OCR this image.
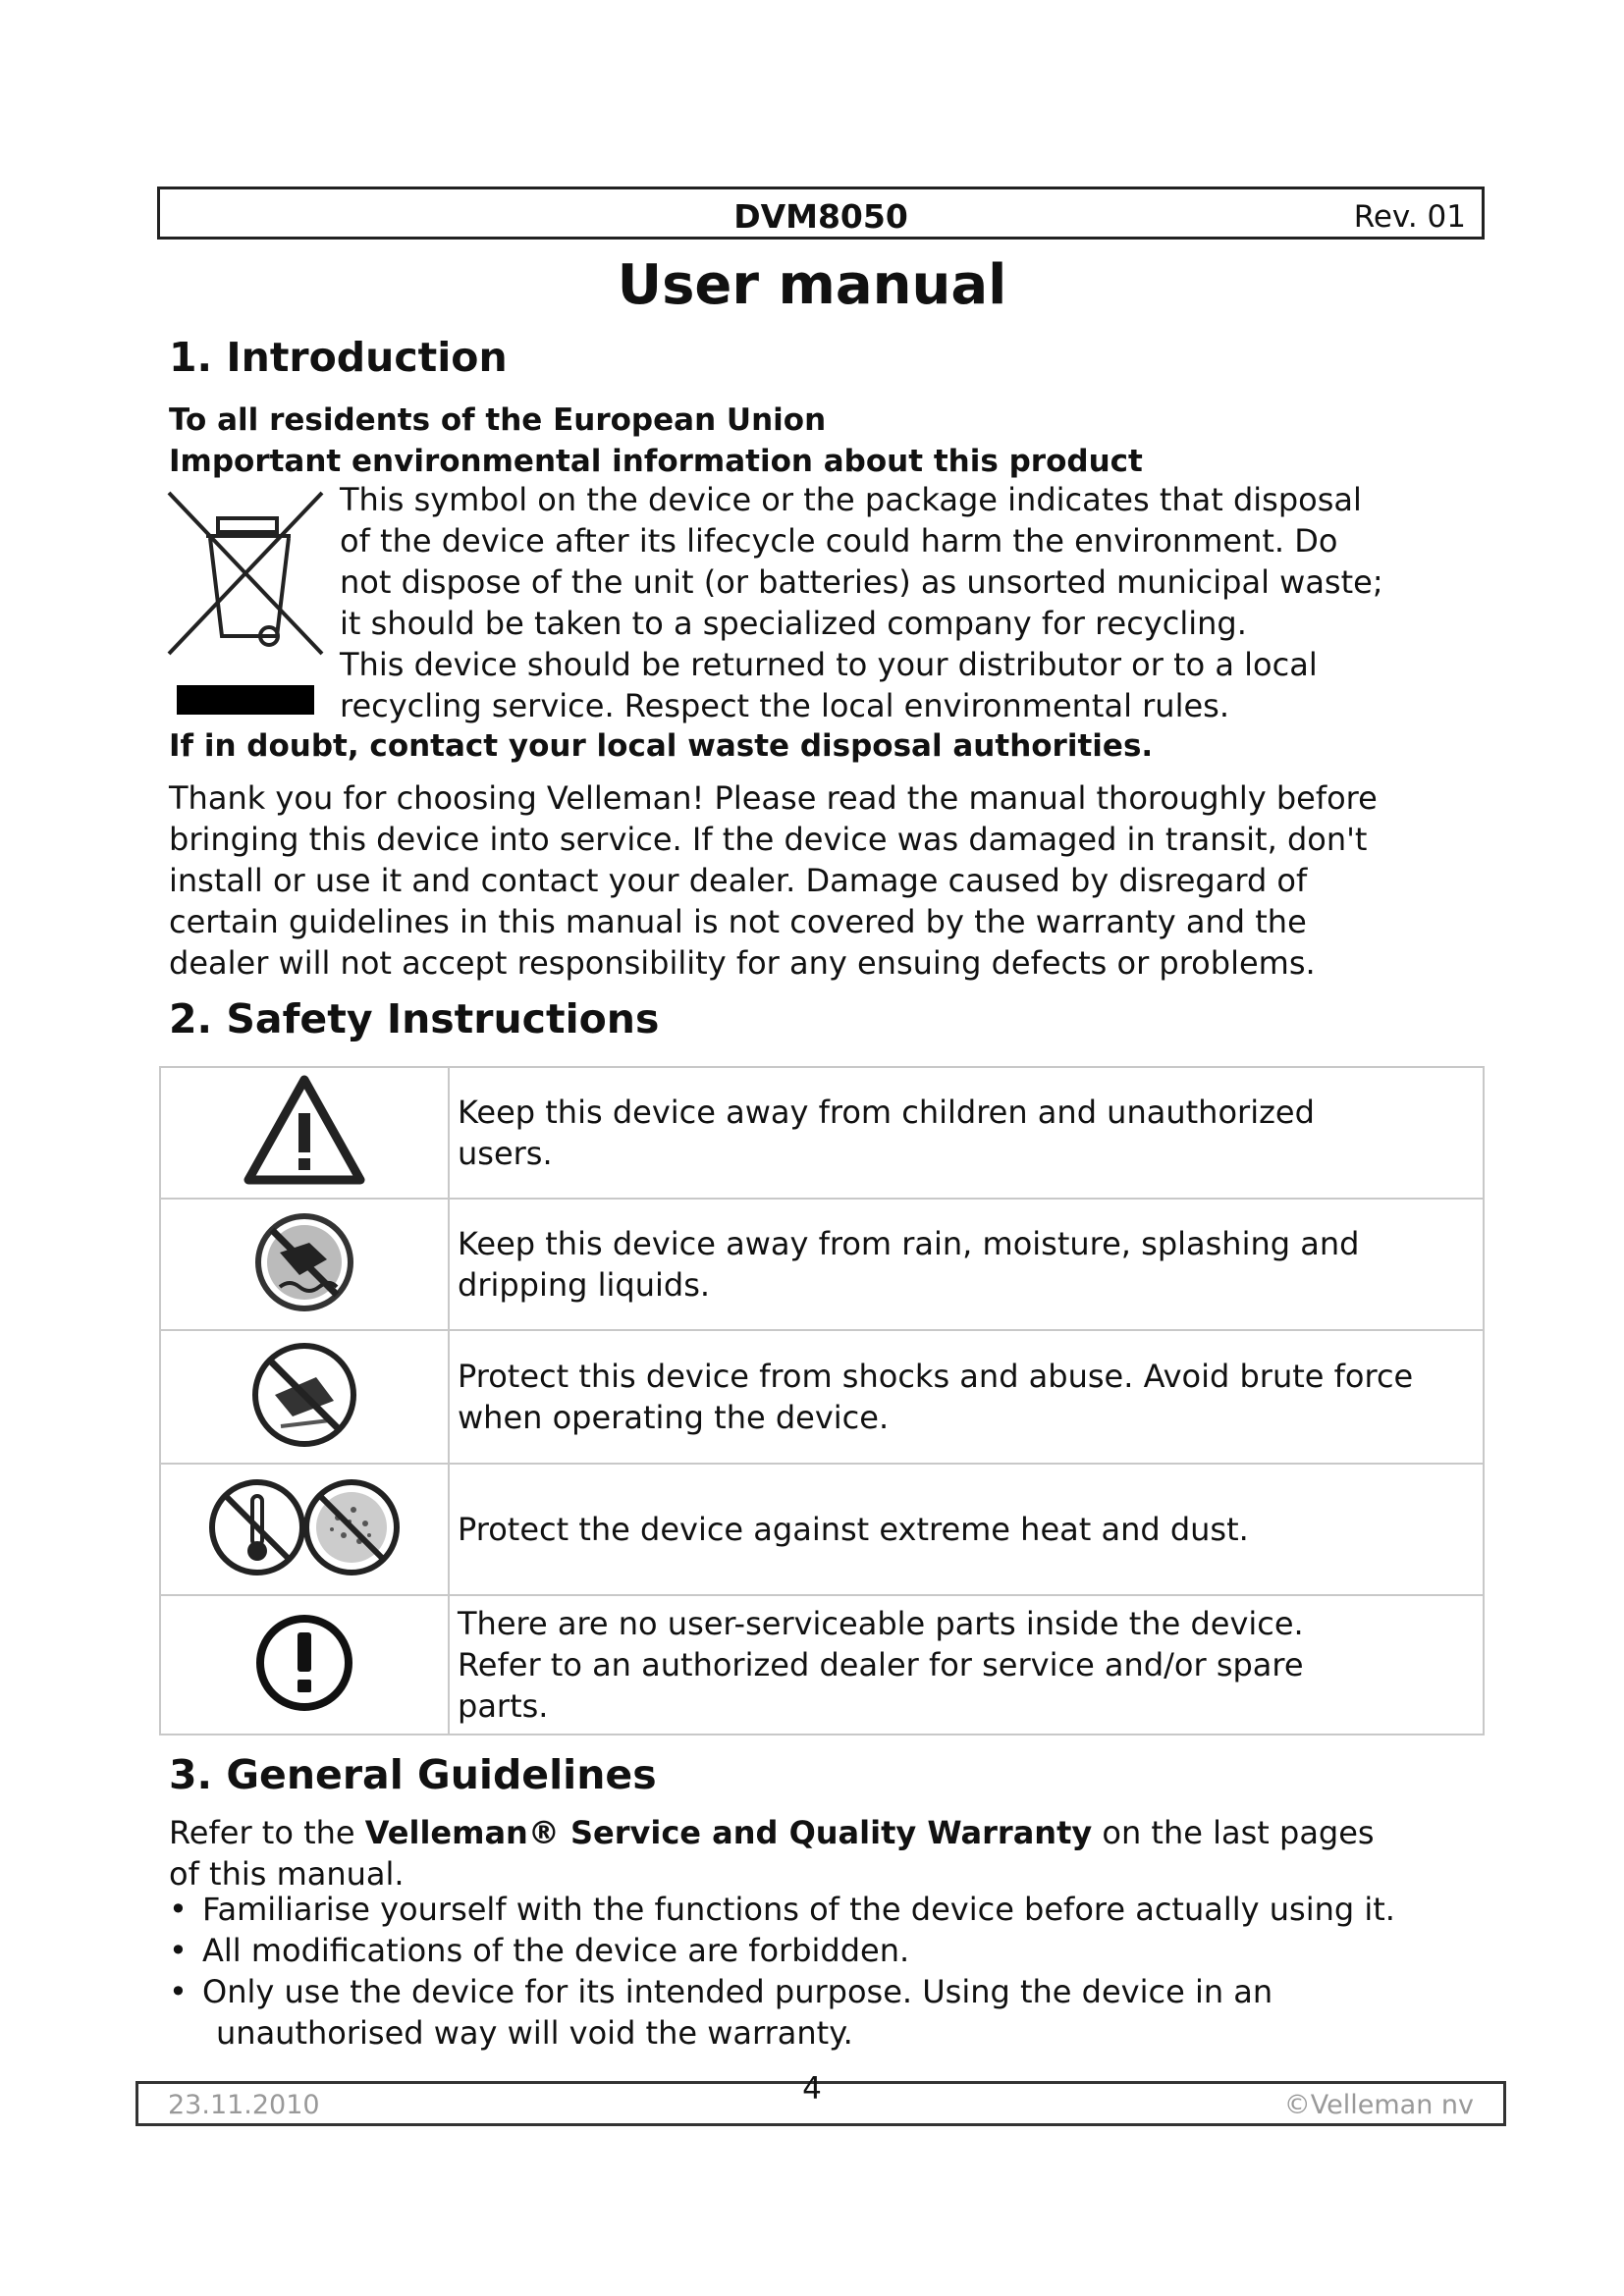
DVM8050	Rev. 01
User manual
1. Introduction
To all residents of the European Union
Important environmental information about this product
This symbol on the device or the package indicates that disposal
of the device after its lifecycle could harm the environment. Do
not dispose of the unit (or batteries) as unsorted municipal waste;
it should be taken to a specialized company for recycling.
This device should be returned to your distributor or to a local
recycling service. Respect the local environmental rules.
If in doubt, contact your local waste disposal authorities.
Thank you for choosing Velleman! Please read the manual thoroughly before
bringing this device into service. If the device was damaged in transit, don't
install or use it and contact your dealer. Damage caused by disregard of
certain guidelines in this manual is not covered by the warranty and the
dealer will not accept responsibility for any ensuing defects or problems.
2. Safety Instructions

Keep this device away from children and unauthorized
users.

Keep this device away from rain, moisture, splashing and
dripping liquids.

Protect this device from shocks and abuse. Avoid brute force
when operating the device.

Protect the device against extreme heat and dust.

There are no user-serviceable parts inside the device.
Refer to an authorized dealer for service and/or spare
parts.
3. General Guidelines
Refer to the Velleman® Service and Quality Warranty on the last pages
of this manual.
• Familiarise yourself with the functions of the device before actually using it.
• All modifications of the device are forbidden.
• Only use the device for its intended purpose. Using the device in an
unauthorised way will void the warranty.
23.11.2010	©Velleman nv
4
